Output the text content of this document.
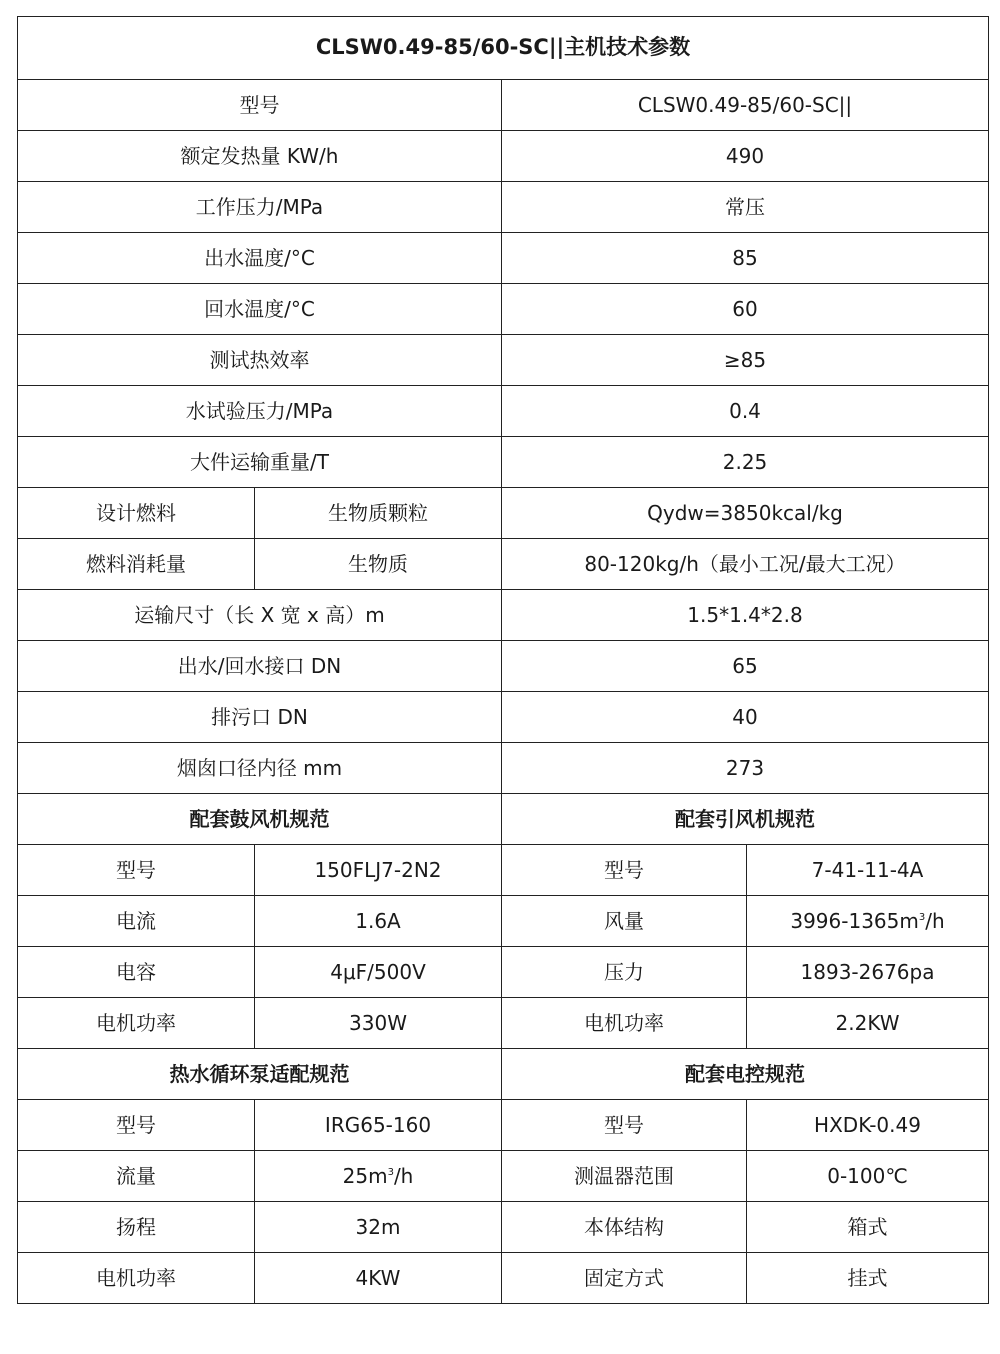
CLSW0.49-85/60-SC||主机技术参数			
型号		CLSW0.49-85/60-SC||	
额定发热量 KW/h		490	
工作压力/MPa		常压	
出水温度/°C		85	
回水温度/°C		60	
测试热效率		≥85	
水试验压力/MPa		0.4	
大件运输重量/T		2.25	
设计燃料	生物质颗粒	Qydw=3850kcal/kg	
燃料消耗量	生物质	80-120kg/h（最小工况/最大工况）	
运输尺寸（长 X 宽 x 高）m		1.5*1.4*2.8	
出水/回水接口 DN		65	
排污口 DN		40	
烟囱口径内径 mm		273	
配套鼓风机规范		配套引风机规范	
型号	150FLJ7-2N2	型号	7-41-11-4A
电流	1.6A	风量	$3996-1365m^3/h$
电容	4μF/500V	压力	1893-2676pa
电机功率	330W	电机功率	2.2KW
热水循环泵适配规范		配套电控规范	
型号	IRG65-160	型号	HXDK-0.49
流量	$25m^3/h$	测温器范围	0-100℃
扬程	32m	本体结构	箱式
电机功率	4KW	固定方式	挂式
